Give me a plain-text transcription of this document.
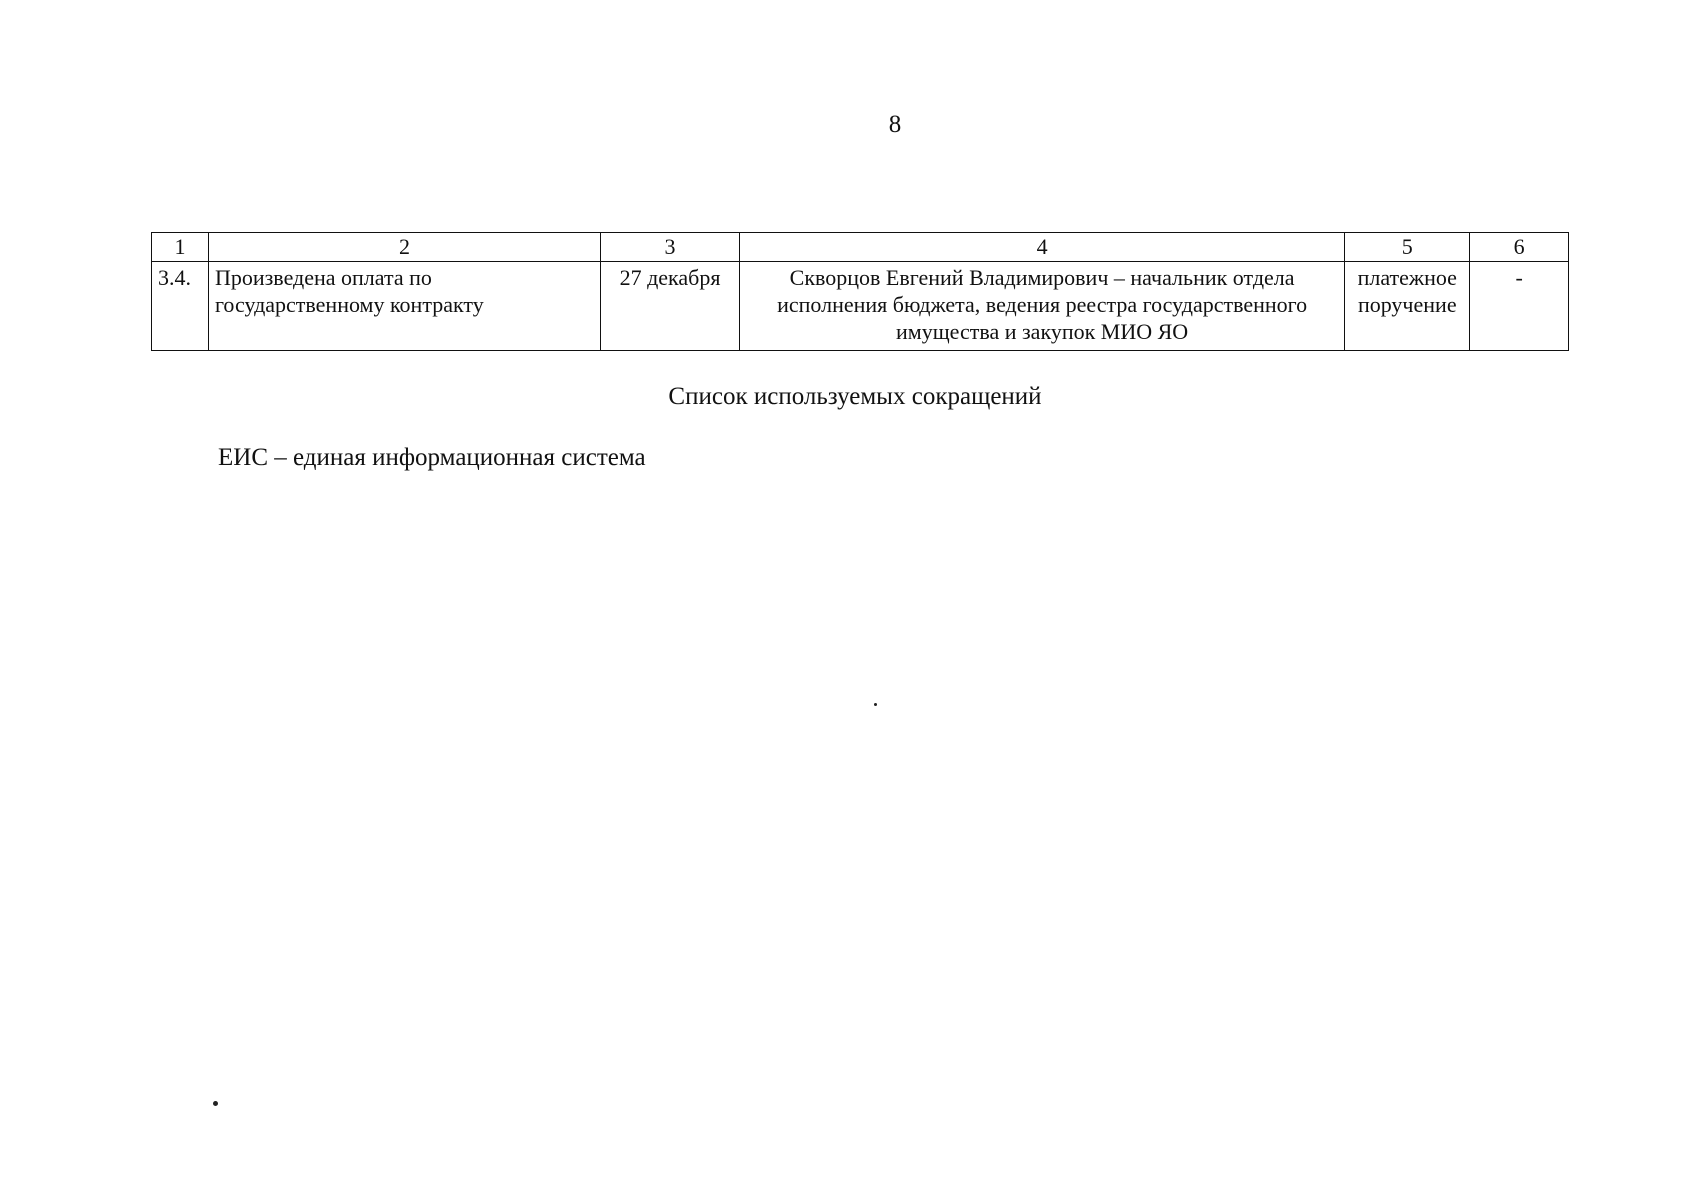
8
1	2	3	4	5	6
3.4.	Произведена оплата по государственному контракту	27 декабря	Скворцов Евгений Владимирович – начальник отдела исполнения бюджета, ведения реестра государственного имущества и закупок МИО ЯО	платежное поручение	-
Список используемых сокращений
ЕИС – единая информационная система
